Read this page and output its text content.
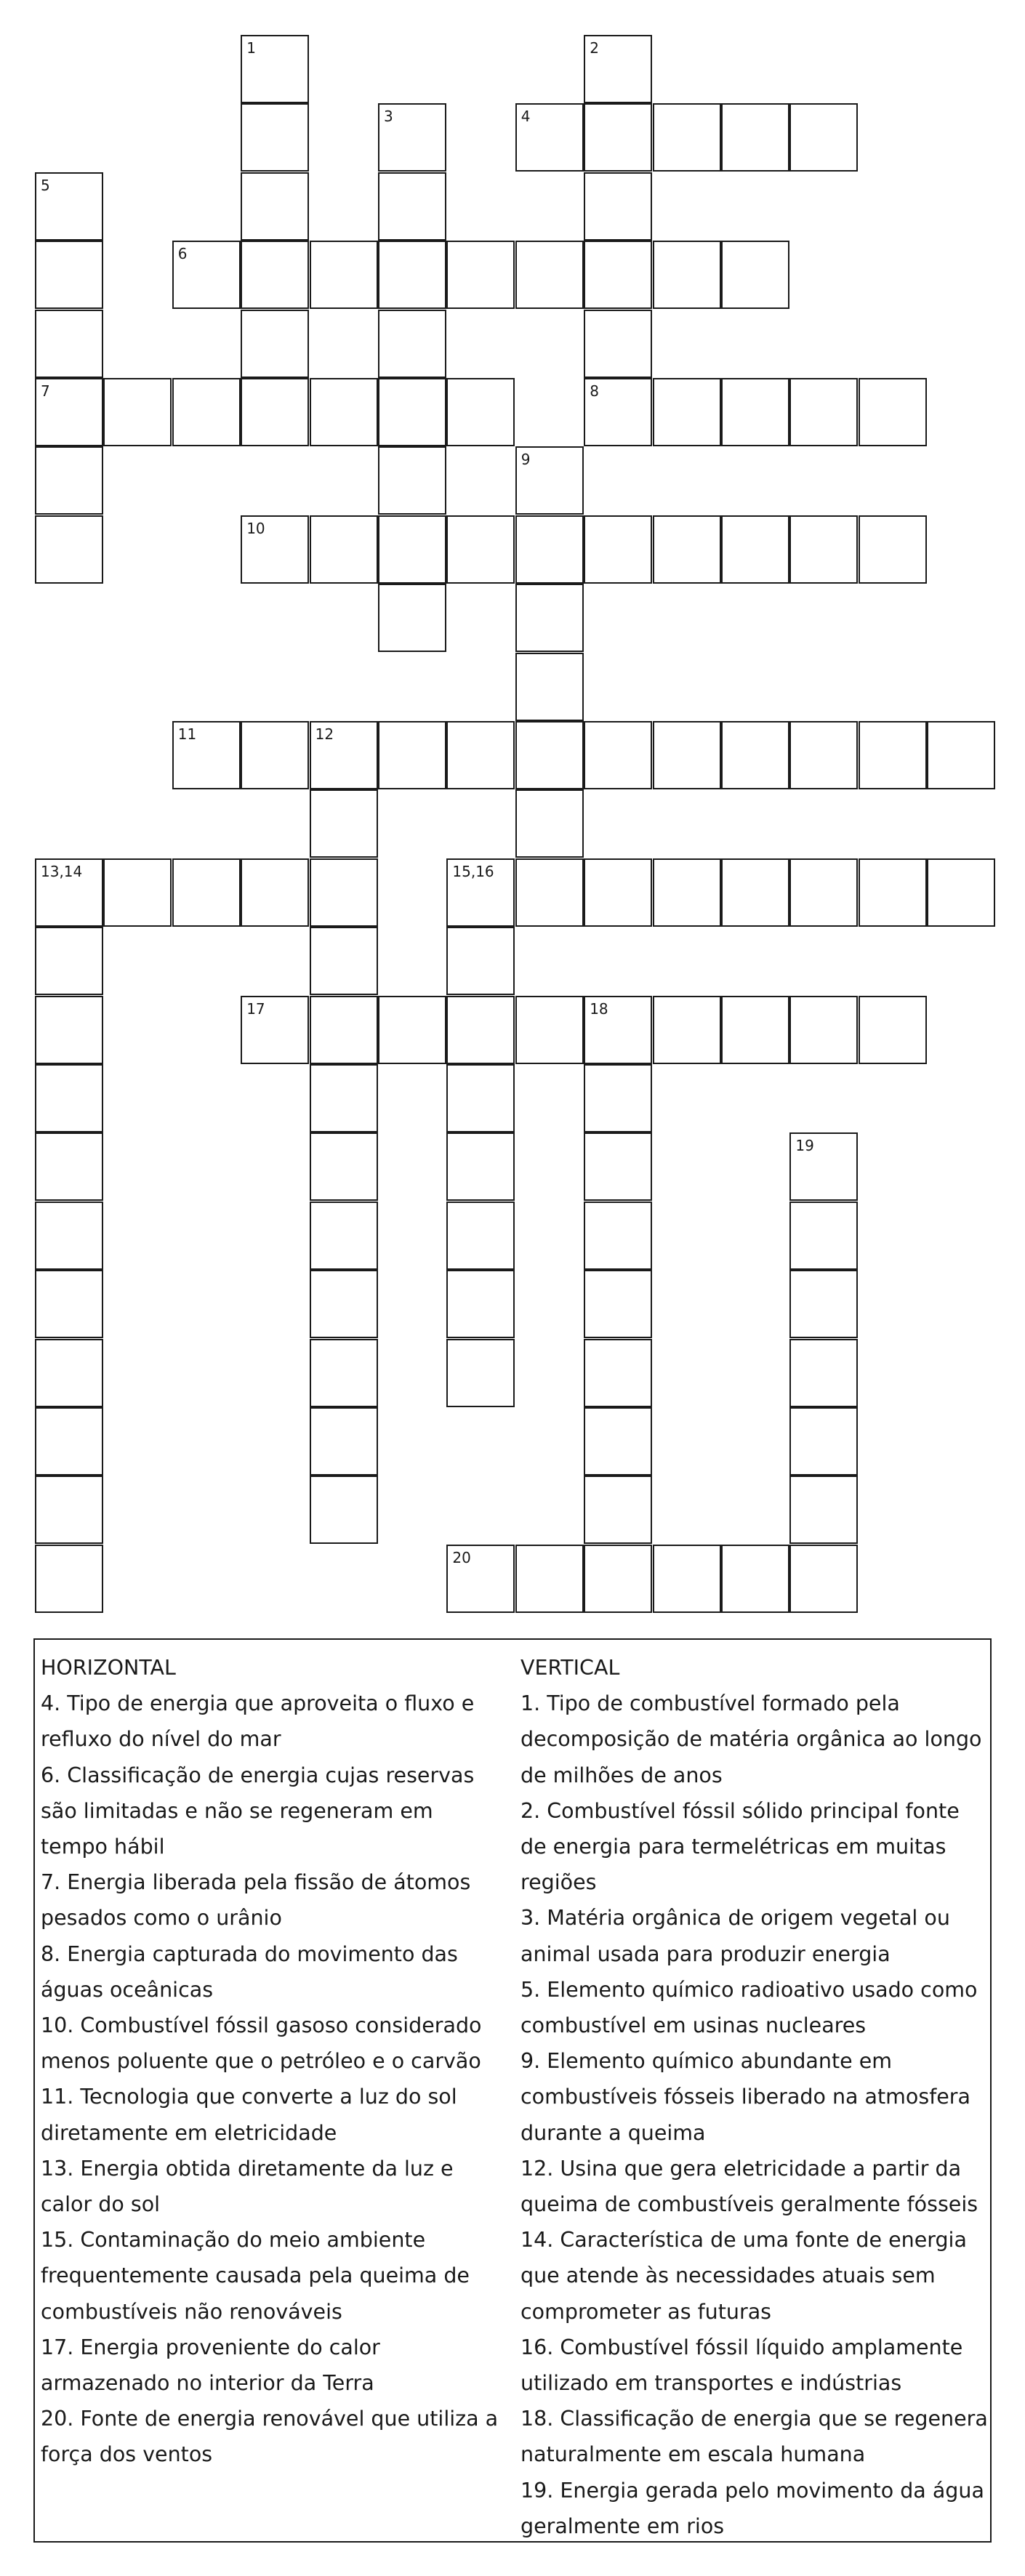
1	2
8
3	4
5
7
6
9
10
11	12
13,14	15,16
17	18
19
20

HORIZONTAL

4. Tipo de energia que aproveita o fluxo e refluxo do nível do mar

6. Classificação de energia cujas reservas são limitadas e não se regeneram em tempo hábil

7. Energia liberada pela fissão de átomos pesados como o urânio

8. Energia capturada do movimento das águas oceânicas

10. Combustível fóssil gasoso considerado menos poluente que o petróleo e o carvão

11. Tecnologia que converte a luz do sol diretamente em eletricidade

13. Energia obtida diretamente da luz e calor do sol

15. Contaminação do meio ambiente frequentemente causada pela queima de combustíveis não renováveis

17. Energia proveniente do calor armazenado no interior da Terra

20. Fonte de energia renovável que utiliza a força dos ventos

VERTICAL

1. Tipo de combustível formado pela decomposição de matéria orgânica ao longo de milhões de anos

2. Combustível fóssil sólido principal fonte de energia para termelétricas em muitas regiões

3. Matéria orgânica de origem vegetal ou animal usada para produzir energia

5. Elemento químico radioativo usado como combustível em usinas nucleares

9. Elemento químico abundante em combustíveis fósseis liberado na atmosfera durante a queima

12. Usina que gera eletricidade a partir da queima de combustíveis geralmente fósseis

14. Característica de uma fonte de energia que atende às necessidades atuais sem comprometer as futuras

16. Combustível fóssil líquido amplamente utilizado em transportes e indústrias

18. Classificação de energia que se regenera naturalmente em escala humana

19. Energia gerada pelo movimento da água geralmente em rios
